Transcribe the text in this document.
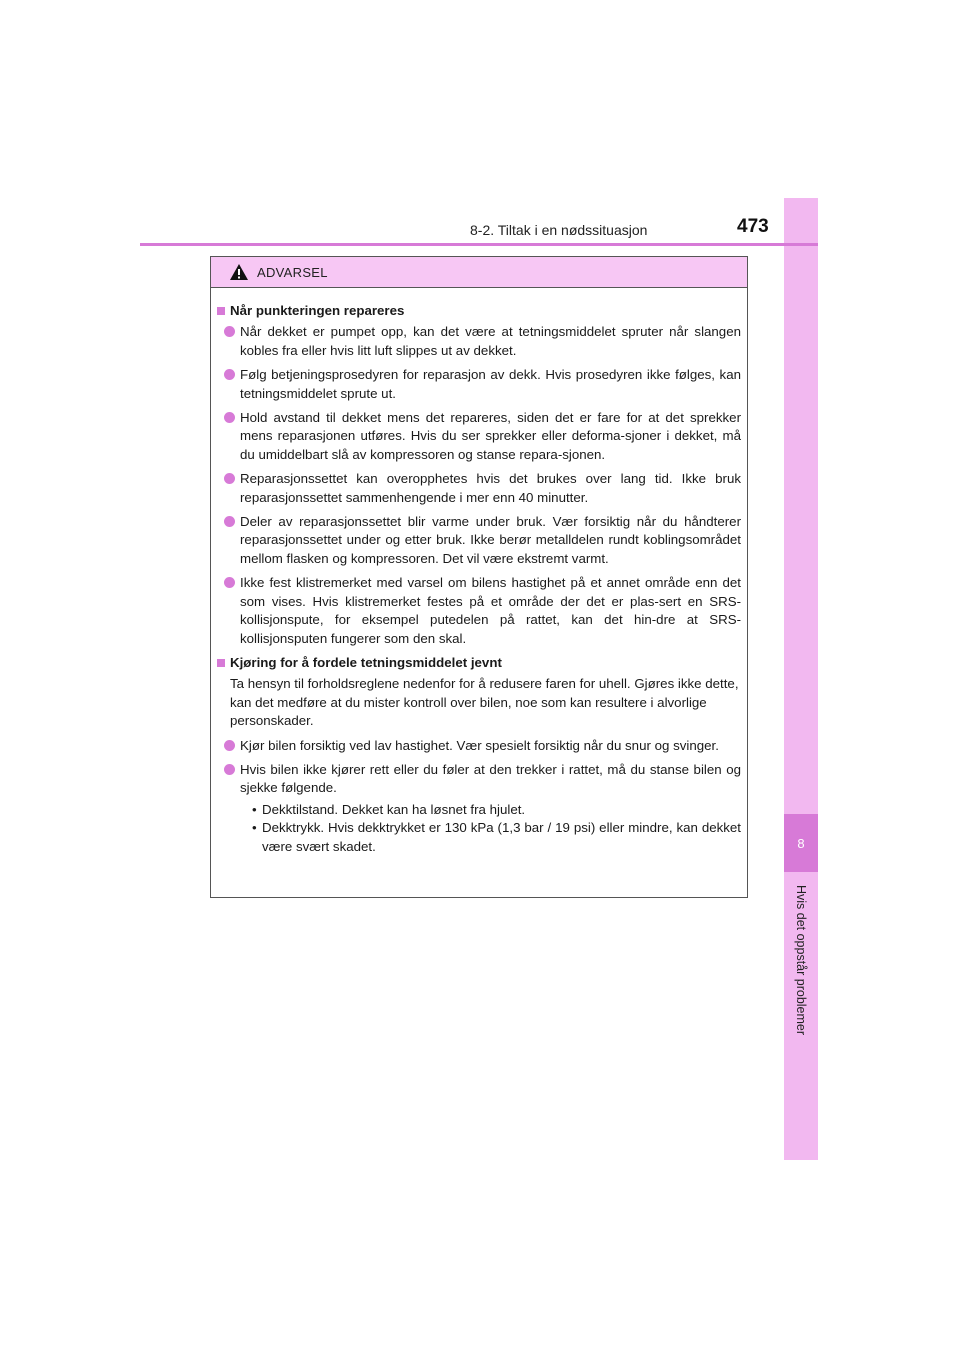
8
Hvis det oppstår problemer
8-2. Tiltak i en nødssituasjon	473
ADVARSEL
Når punkteringen repareres
Når dekket er pumpet opp, kan det være at tetningsmiddelet spruter når slangen kobles fra eller hvis litt luft slippes ut av dekket.
Følg betjeningsprosedyren for reparasjon av dekk. Hvis prosedyren ikke følges, kan tetningsmiddelet sprute ut.
Hold avstand til dekket mens det repareres, siden det er fare for at det sprekker mens reparasjonen utføres. Hvis du ser sprekker eller deforma-sjoner i dekket, må du umiddelbart slå av kompressoren og stanse repara-sjonen.
Reparasjonssettet kan overopphetes hvis det brukes over lang tid. Ikke bruk reparasjonssettet sammenhengende i mer enn 40 minutter.
Deler av reparasjonssettet blir varme under bruk. Vær forsiktig når du håndterer reparasjonssettet under og etter bruk. Ikke berør metalldelen rundt koblingsområdet mellom flasken og kompressoren. Det vil være ekstremt varmt.
Ikke fest klistremerket med varsel om bilens hastighet på et annet område enn det som vises. Hvis klistremerket festes på et område der det er plas-sert en SRS-kollisjonspute, for eksempel putedelen på rattet, kan det hin-dre at SRS-kollisjonsputen fungerer som den skal.
Kjøring for å fordele tetningsmiddelet jevnt
Ta hensyn til forholdsreglene nedenfor for å redusere faren for uhell. Gjøres ikke dette, kan det medføre at du mister kontroll over bilen, noe som kan resultere i alvorlige personskader.
Kjør bilen forsiktig ved lav hastighet. Vær spesielt forsiktig når du snur og svinger.
Hvis bilen ikke kjører rett eller du føler at den trekker i rattet, må du stanse bilen og sjekke følgende.
• Dekktilstand. Dekket kan ha løsnet fra hjulet.
• Dekktrykk. Hvis dekktrykket er 130 kPa (1,3 bar / 19 psi) eller mindre, kan dekket være svært skadet.
